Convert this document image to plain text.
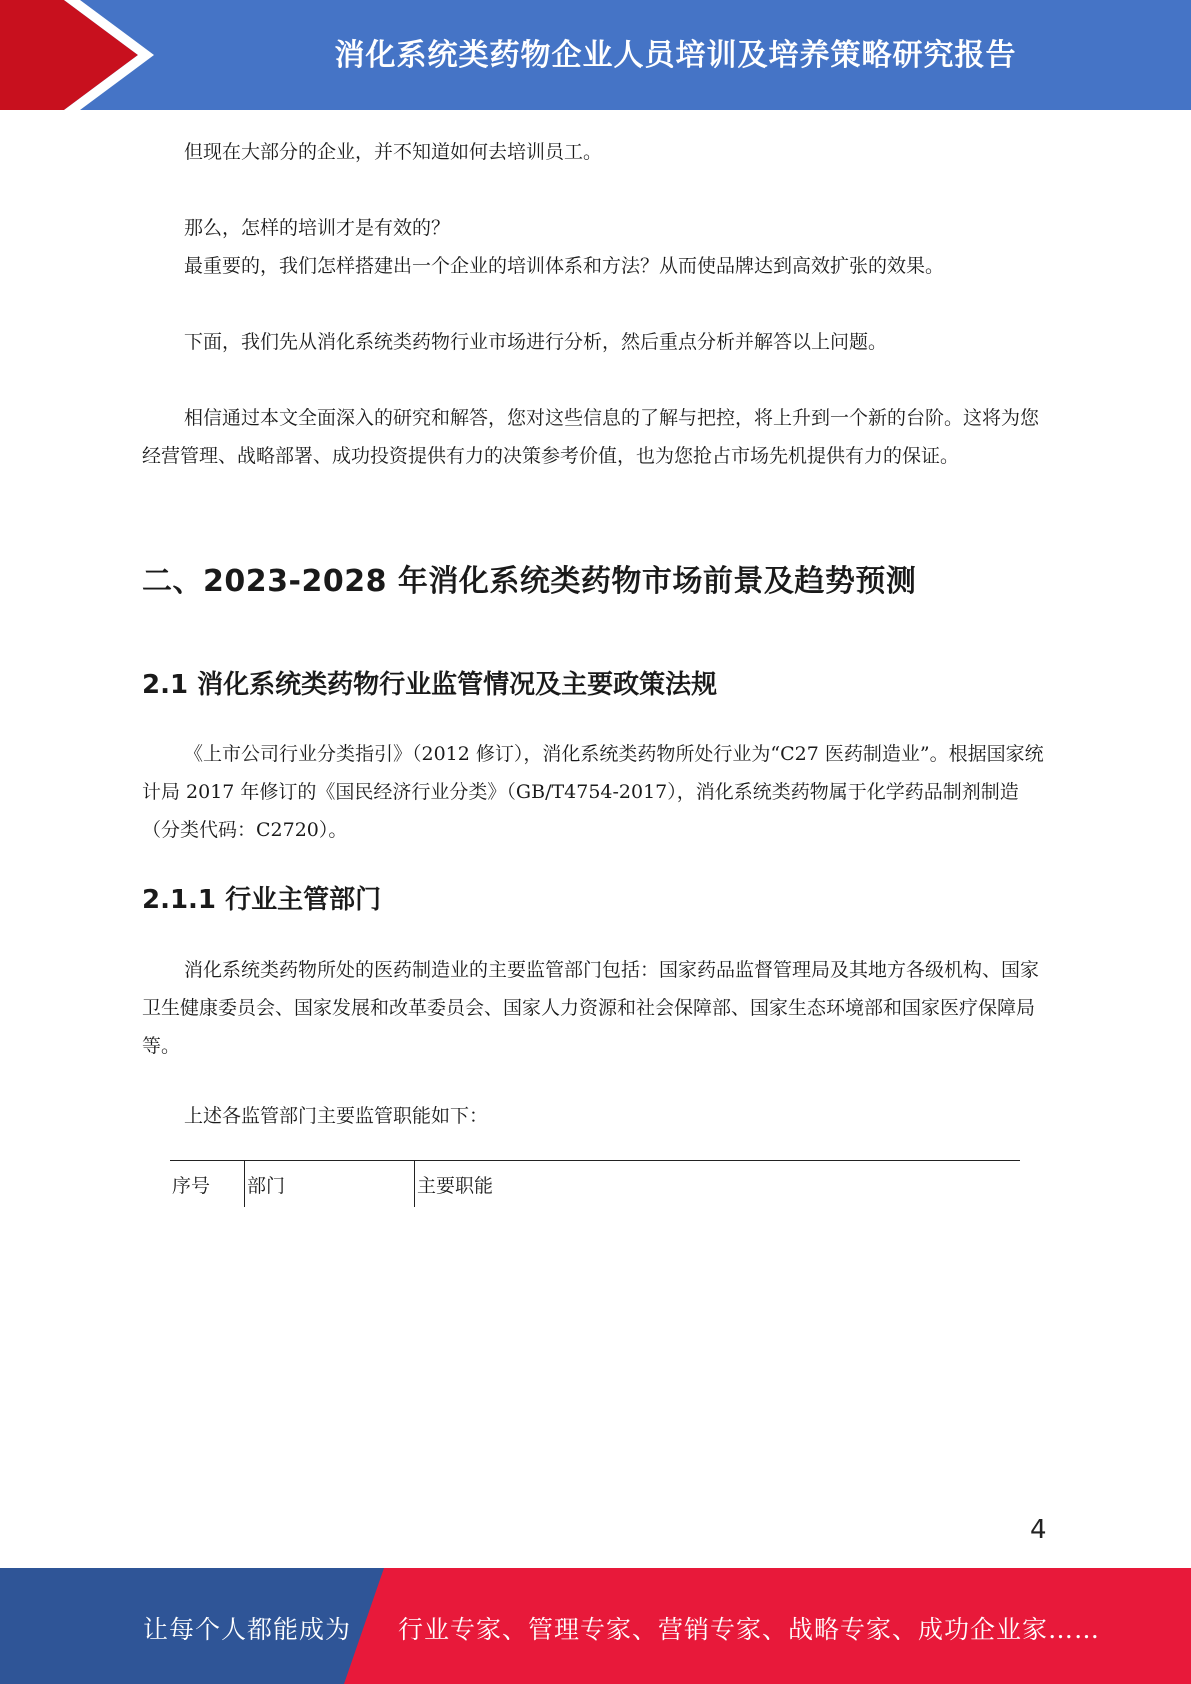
消化系统类药物企业人员培训及培养策略研究报告

但现在大部分的企业，并不知道如何去培训员工。

那么，怎样的培训才是有效的？

最重要的，我们怎样搭建出一个企业的培训体系和方法？从而使品牌达到高效扩张的效果。

下面，我们先从消化系统类药物行业市场进行分析，然后重点分析并解答以上问题。

相信通过本文全面深入的研究和解答，您对这些信息的了解与把控，将上升到一个新的台阶。这将为您经营管理、战略部署、成功投资提供有力的决策参考价值，也为您抢占市场先机提供有力的保证。

二、2023-2028 年消化系统类药物市场前景及趋势预测
2.1 消化系统类药物行业监管情况及主要政策法规

《上市公司行业分类指引》（2012 修订），消化系统类药物所处行业为“C27 医药制造业”。根据国家统计局 2017 年修订的《国民经济行业分类》（GB/T4754-2017），消化系统类药物属于化学药品制剂制造（分类代码：C2720）。

2.1.1 行业主管部门

消化系统类药物所处的医药制造业的主要监管部门包括：国家药品监督管理局及其地方各级机构、国家卫生健康委员会、国家发展和改革委员会、国家人力资源和社会保障部、国家生态环境部和国家医疗保障局等。

上述各监管部门主要监管职能如下：

序号	部门	主要职能
4
让每个人都能成为 行业专家、管理专家、营销专家、战略专家、成功企业家……
